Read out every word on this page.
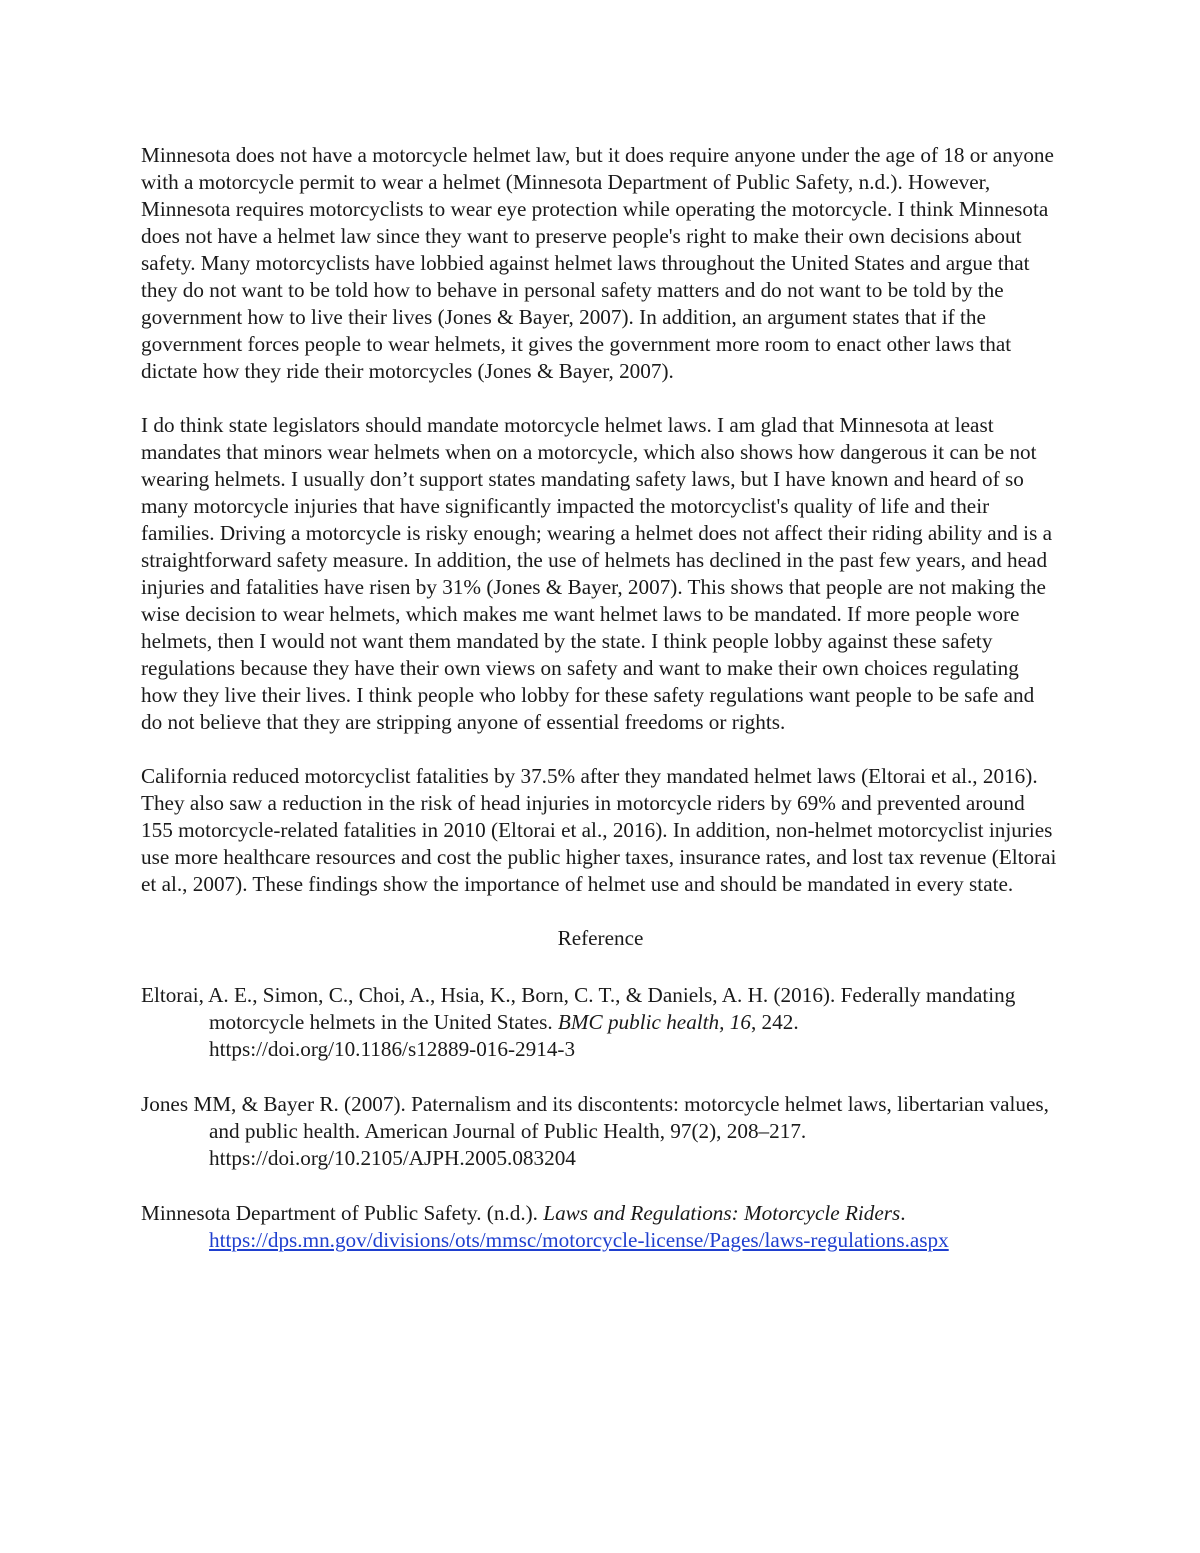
Minnesota does not have a motorcycle helmet law, but it does require anyone under the age of 18 or anyone with a motorcycle permit to wear a helmet (Minnesota Department of Public Safety, n.d.). However, Minnesota requires motorcyclists to wear eye protection while operating the motorcycle. I think Minnesota does not have a helmet law since they want to preserve people's right to make their own decisions about safety. Many motorcyclists have lobbied against helmet laws throughout the United States and argue that they do not want to be told how to behave in personal safety matters and do not want to be told by the government how to live their lives (Jones & Bayer, 2007). In addition, an argument states that if the government forces people to wear helmets, it gives the government more room to enact other laws that dictate how they ride their motorcycles (Jones & Bayer, 2007).

I do think state legislators should mandate motorcycle helmet laws. I am glad that Minnesota at least mandates that minors wear helmets when on a motorcycle, which also shows how dangerous it can be not wearing helmets. I usually don’t support states mandating safety laws, but I have known and heard of so many motorcycle injuries that have significantly impacted the motorcyclist's quality of life and their families. Driving a motorcycle is risky enough; wearing a helmet does not affect their riding ability and is a straightforward safety measure. In addition, the use of helmets has declined in the past few years, and head injuries and fatalities have risen by 31% (Jones & Bayer, 2007). This shows that people are not making the wise decision to wear helmets, which makes me want helmet laws to be mandated. If more people wore helmets, then I would not want them mandated by the state. I think people lobby against these safety regulations because they have their own views on safety and want to make their own choices regulating how they live their lives. I think people who lobby for these safety regulations want people to be safe and do not believe that they are stripping anyone of essential freedoms or rights.

California reduced motorcyclist fatalities by 37.5% after they mandated helmet laws (Eltorai et al., 2016). They also saw a reduction in the risk of head injuries in motorcycle riders by 69% and prevented around 155 motorcycle-related fatalities in 2010 (Eltorai et al., 2016). In addition, non-helmet motorcyclist injuries use more healthcare resources and cost the public higher taxes, insurance rates, and lost tax revenue (Eltorai et al., 2007). These findings show the importance of helmet use and should be mandated in every state.

Reference
Eltorai, A. E., Simon, C., Choi, A., Hsia, K., Born, C. T., & Daniels, A. H. (2016). Federally mandating motorcycle helmets in the United States. BMC public health, 16, 242. https://doi.org/10.1186/s12889-016-2914-3
Jones MM, & Bayer R. (2007). Paternalism and its discontents: motorcycle helmet laws, libertarian values, and public health. American Journal of Public Health, 97(2), 208–217. https://doi.org/10.2105/AJPH.2005.083204
Minnesota Department of Public Safety. (n.d.). Laws and Regulations: Motorcycle Riders. https://dps.mn.gov/divisions/ots/mmsc/motorcycle-license/Pages/laws-regulations.aspx
